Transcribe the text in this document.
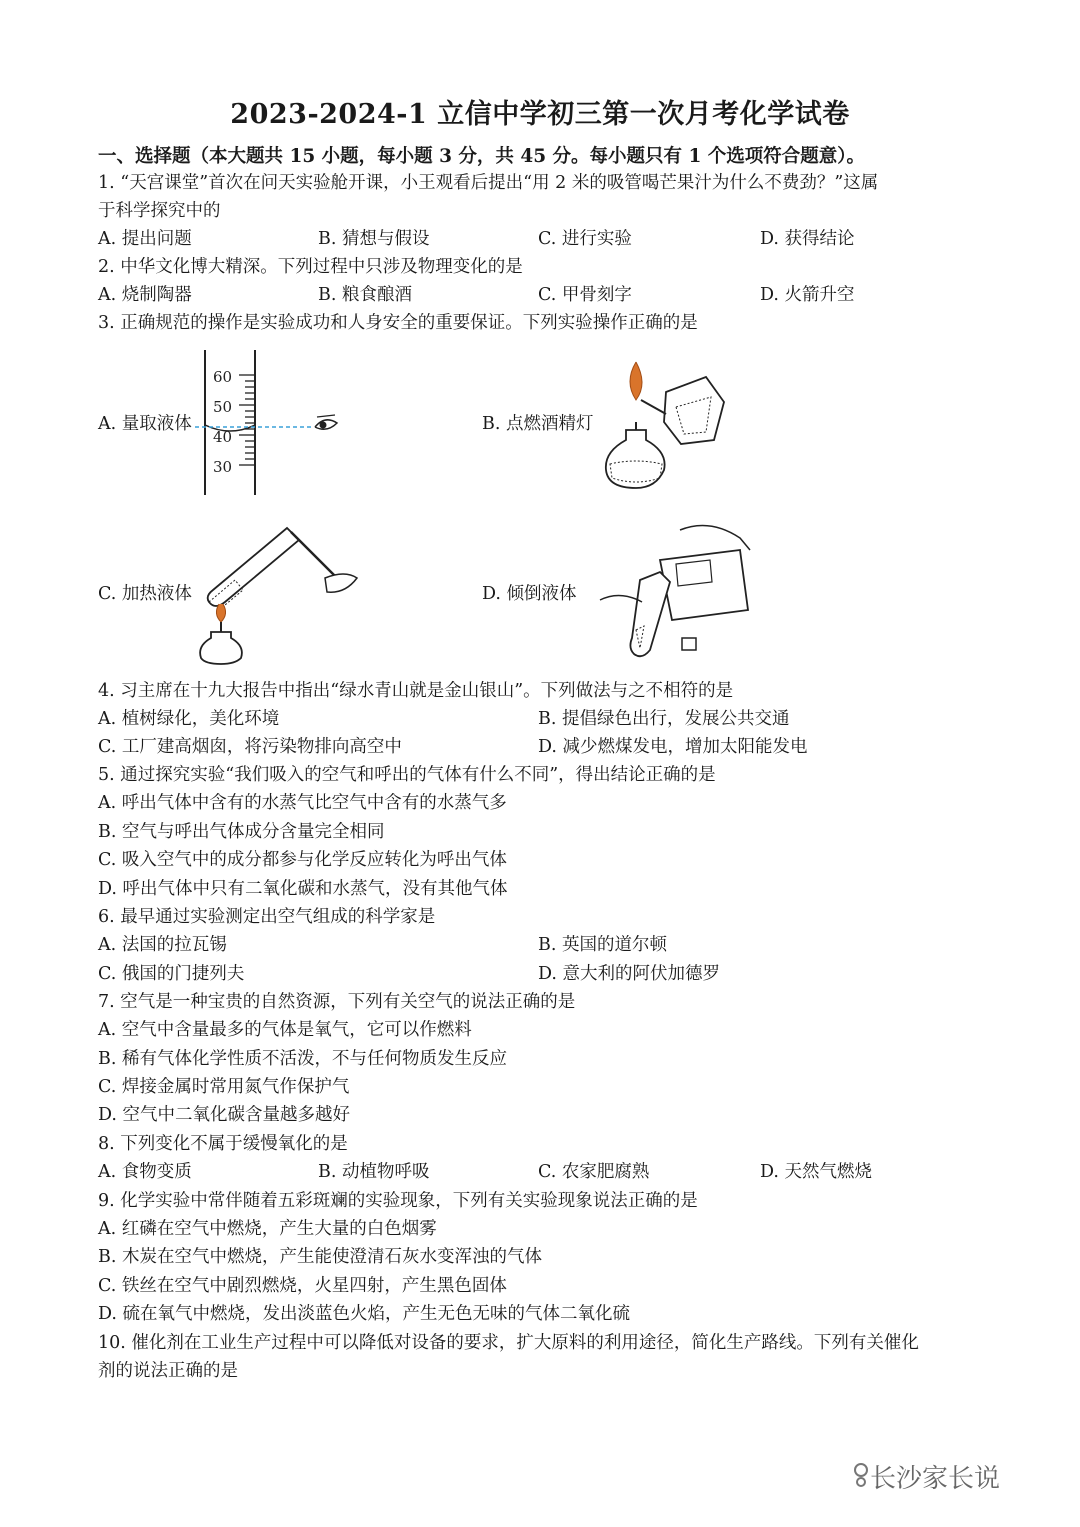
2023-2024-1 立信中学初三第一次月考化学试卷
一、选择题（本大题共 15 小题，每小题 3 分，共 45 分。每小题只有 1 个选项符合题意）。
1. “天宫课堂”首次在问天实验舱开课，小王观看后提出“用 2 米的吸管喝芒果汁为什么不费劲？”这属
于科学探究中的
A. 提出问题	B. 猜想与假设	C. 进行实验	D. 获得结论
2. 中华文化博大精深。下列过程中只涉及物理变化的是
A. 烧制陶器	B. 粮食酿酒	C. 甲骨刻字	D. 火箭升空
3. 正确规范的操作是实验成功和人身安全的重要保证。下列实验操作正确的是
A. 量取液体
60
50
40
30
B. 点燃酒精灯
C. 加热液体	D. 倾倒液体
4. 习主席在十九大报告中指出“绿水青山就是金山银山”。下列做法与之不相符的是
A. 植树绿化，美化环境	B. 提倡绿色出行，发展公共交通
C. 工厂建高烟囱，将污染物排向高空中	D. 减少燃煤发电，增加太阳能发电
5. 通过探究实验“我们吸入的空气和呼出的气体有什么不同”，得出结论正确的是
A. 呼出气体中含有的水蒸气比空气中含有的水蒸气多
B. 空气与呼出气体成分含量完全相同
C. 吸入空气中的成分都参与化学反应转化为呼出气体
D. 呼出气体中只有二氧化碳和水蒸气，没有其他气体
6. 最早通过实验测定出空气组成的科学家是
A. 法国的拉瓦锡	B. 英国的道尔顿
C. 俄国的门捷列夫	D. 意大利的阿伏加德罗
7. 空气是一种宝贵的自然资源，下列有关空气的说法正确的是
A. 空气中含量最多的气体是氧气，它可以作燃料
B. 稀有气体化学性质不活泼，不与任何物质发生反应
C. 焊接金属时常用氮气作保护气
D. 空气中二氧化碳含量越多越好
8. 下列变化不属于缓慢氧化的是
A. 食物变质	B. 动植物呼吸	C. 农家肥腐熟	D. 天然气燃烧
9. 化学实验中常伴随着五彩斑斓的实验现象，下列有关实验现象说法正确的是
A. 红磷在空气中燃烧，产生大量的白色烟雾
B. 木炭在空气中燃烧，产生能使澄清石灰水变浑浊的气体
C. 铁丝在空气中剧烈燃烧，火星四射，产生黑色固体
D. 硫在氧气中燃烧，发出淡蓝色火焰，产生无色无味的气体二氧化硫
10. 催化剂在工业生产过程中可以降低对设备的要求，扩大原料的利用途径，简化生产路线。下列有关催化
剂的说法正确的是
长沙家长说
